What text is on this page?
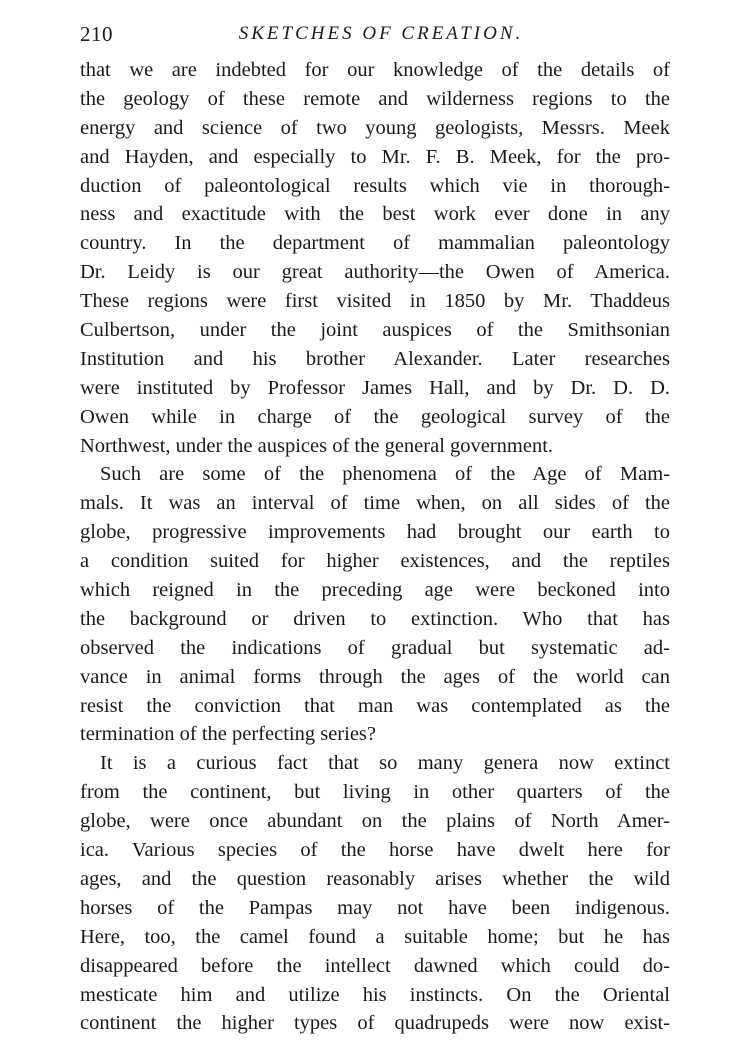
210	SKETCHES OF CREATION.
that we are indebted for our knowledge of the details of
the geology of these remote and wilderness regions to the
energy and science of two young geologists, Messrs. Meek
and Hayden, and especially to Mr. F. B. Meek, for the pro-
duction of paleontological results which vie in thorough-
ness and exactitude with the best work ever done in any
country. In the department of mammalian paleontology
Dr. Leidy is our great authority—the Owen of America.
These regions were first visited in 1850 by Mr. Thaddeus
Culbertson, under the joint auspices of the Smithsonian
Institution and his brother Alexander. Later researches
were instituted by Professor James Hall, and by Dr. D. D.
Owen while in charge of the geological survey of the
Northwest, under the auspices of the general government.
Such are some of the phenomena of the Age of Mam-
mals. It was an interval of time when, on all sides of the
globe, progressive improvements had brought our earth to
a condition suited for higher existences, and the reptiles
which reigned in the preceding age were beckoned into
the background or driven to extinction. Who that has
observed the indications of gradual but systematic ad-
vance in animal forms through the ages of the world can
resist the conviction that man was contemplated as the
termination of the perfecting series?
It is a curious fact that so many genera now extinct
from the continent, but living in other quarters of the
globe, were once abundant on the plains of North Amer-
ica. Various species of the horse have dwelt here for
ages, and the question reasonably arises whether the wild
horses of the Pampas may not have been indigenous.
Here, too, the camel found a suitable home; but he has
disappeared before the intellect dawned which could do-
mesticate him and utilize his instincts. On the Oriental
continent the higher types of quadrupeds were now exist-
